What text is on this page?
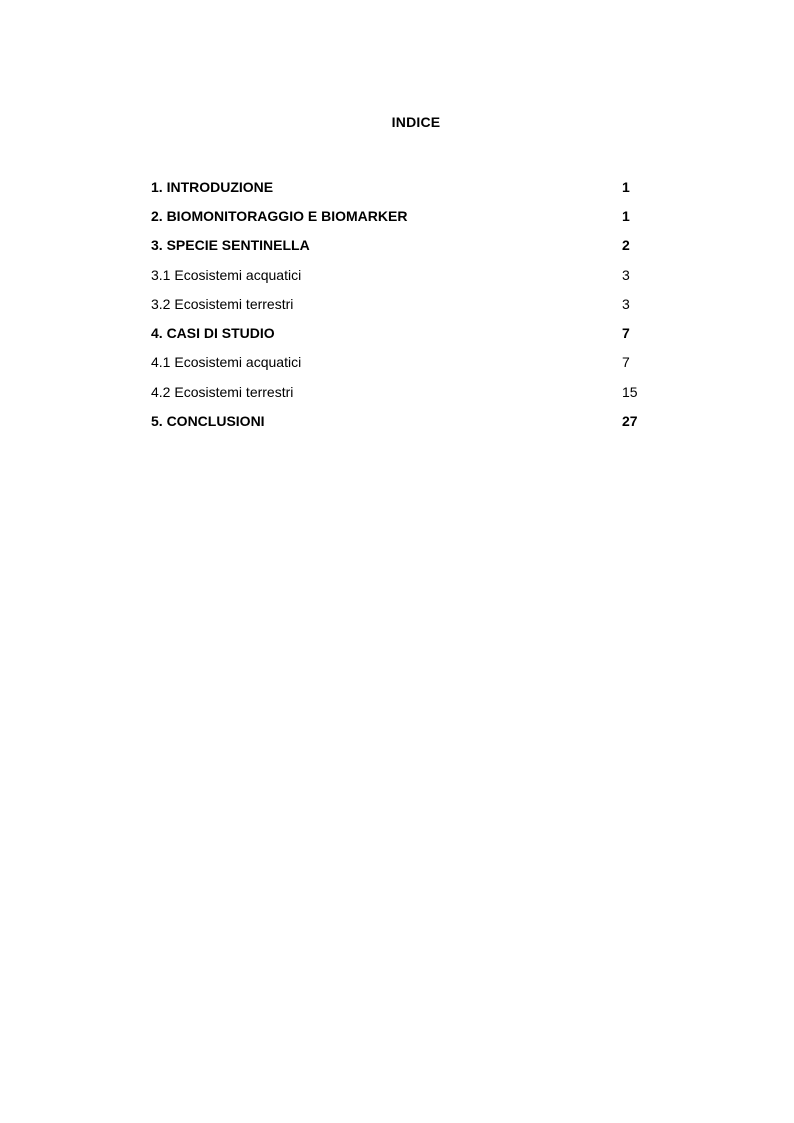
INDICE
1. INTRODUZIONE	1
2. BIOMONITORAGGIO E BIOMARKER	1
3. SPECIE SENTINELLA	2
3.1 Ecosistemi acquatici	3
3.2 Ecosistemi terrestri	3
4. CASI DI STUDIO	7
4.1 Ecosistemi acquatici	7
4.2 Ecosistemi terrestri	15
5. CONCLUSIONI	27
